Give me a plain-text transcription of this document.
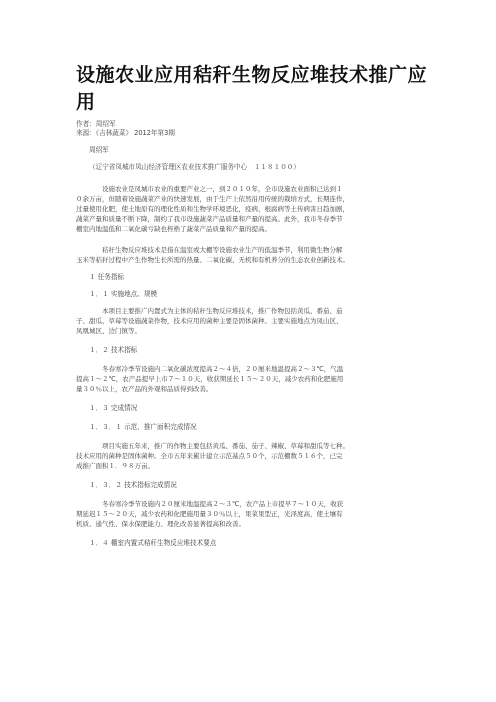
设施农业应用秸秆生物反应堆技术推广应
用
作者：周绍军
来源：《吉林蔬菜》 2012年第3期
周绍军
（辽宁省凤城市凤山经济管理区农业技术推广服务中心　１１８１００）
设施农业是凤城市农业的重要产业之一，到２０１０年，全市设施农业面积已达到１
０余万亩，但随着设施蔬菜产业的快速发展，由于生产上依然沿用传统的栽培方式，长期连作，
过量使用化肥，使土地原有的理化性质和生物学环境恶化，疫病、根腐病等土传病害日趋加剧，
蔬菜产量和质量不断下降，制约了我市设施蔬菜产品质量和产量的提高。此外，我市冬春季节
棚室内地温低和二氧化碳亏缺也桎梏了蔬菜产品质量和产量的提高。
秸秆生物反应堆技术是指在温室或大棚等设施农业生产的低温季节，利用微生物分解
玉米等秸秆过程中产生作物生长所需的热量、二氧化碳、无机和有机养分的生态农业创新技术。
１ 任务指标
１．１ 实施地点、规模
本项目主要推广内置式为主体的秸秆生物反应堆技术，推广作物包括黄瓜、番茄、茄
子、甜瓜、草莓等设施蔬菜作物，技术应用的菌种主要是固体菌种。主要实施地点为凤山区、
凤凰城区、边门镇等。
１．２ 技术指标
冬春寒冷季节设施内二氧化碳浓度提高２～４倍，２０厘米地温提高２～３℃，气温
提高１～２℃，农产品提早上市７～１０天，收获期延长１５～２０天，减少农药和化肥施用
量３０％以上，农产品的外观和品质得到改善。
１．３ 完成情况
１．３．１ 示范、推广面积完成情况
项目实施五年来，推广的作物主要包括黄瓜、番茄、茄子、辣椒、草莓和甜瓜等七种。
技术应用的菌种是固体菌种。全市五年来累计建立示范基点５０个，示范棚数５１６个，已完
成推广面积１．９８万亩。
１．３．２ 技术指标完成情况
冬春寒冷季节设施内２０厘米地温提高２～３℃，农产品上市提早７～１０天，收获
期延迟１５～２０天，减少农药和化肥施用量３０％以上，果菜果型正，光泽度高，使土壤有
机质、通气性、保水保肥能力、理化改善显著提高和改善。
１．４ 棚室内置式秸秆生物反应堆技术要点
